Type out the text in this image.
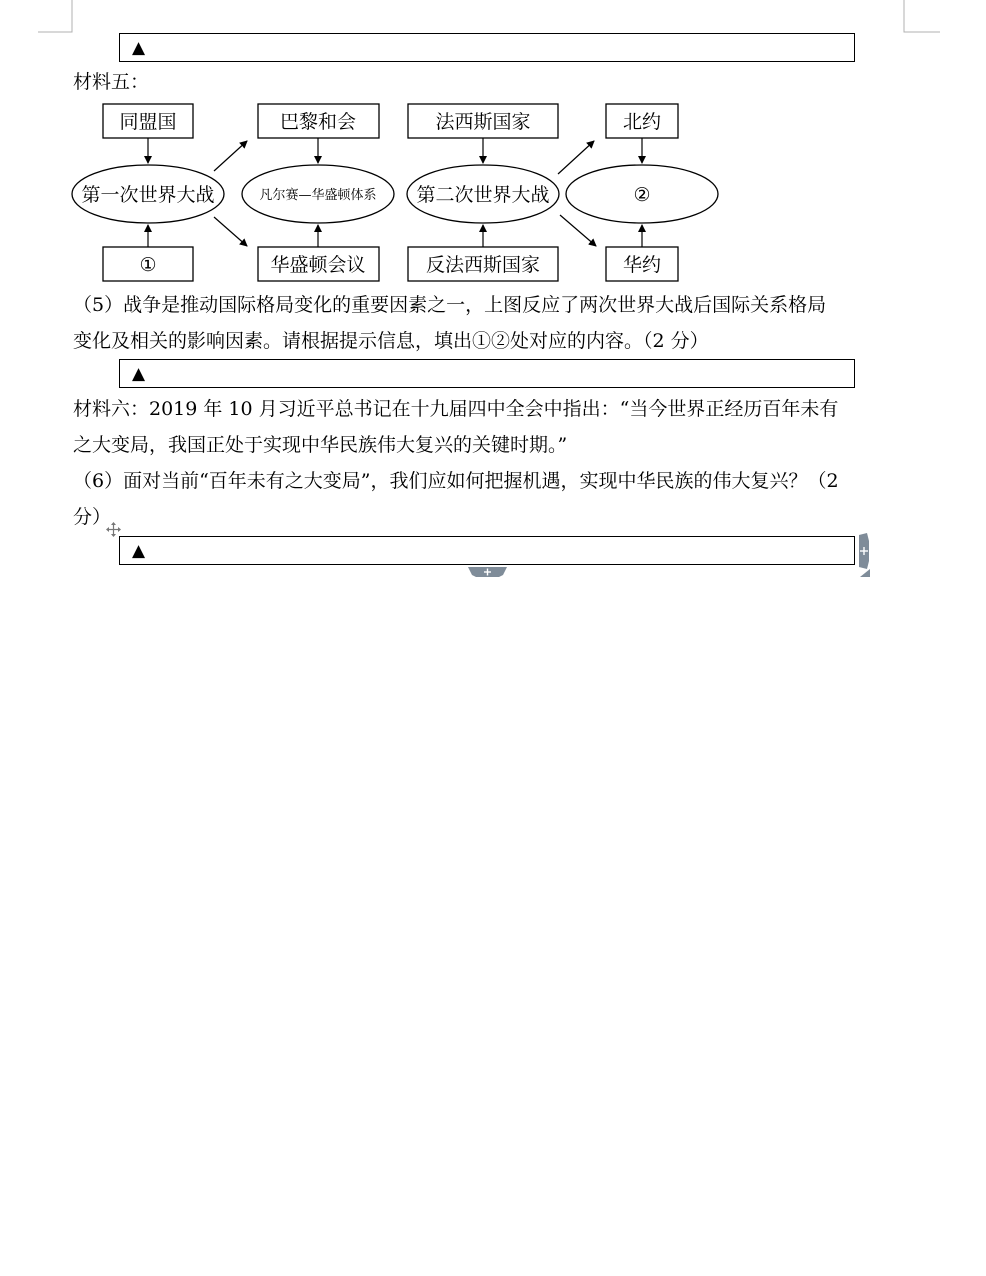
▲
材料五：
同盟国
①
巴黎和会
华盛顿会议
法西斯国家
反法西斯国家
北约
华约
第一次世界大战	凡尔赛—华盛顿体系 第二次世界大战	②
（5）战争是推动国际格局变化的重要因素之一，上图反应了两次世界大战后国际关系格局
变化及相关的影响因素。请根据提示信息，填出①②处对应的内容。（2 分）
▲
材料六：2019 年 10 月习近平总书记在十九届四中全会中指出：“当今世界正经历百年未有
之大变局，我国正处于实现中华民族伟大复兴的关键时期。”
（6）面对当前“百年未有之大变局”，我们应如何把握机遇，实现中华民族的伟大复兴？（2
分）
▲
